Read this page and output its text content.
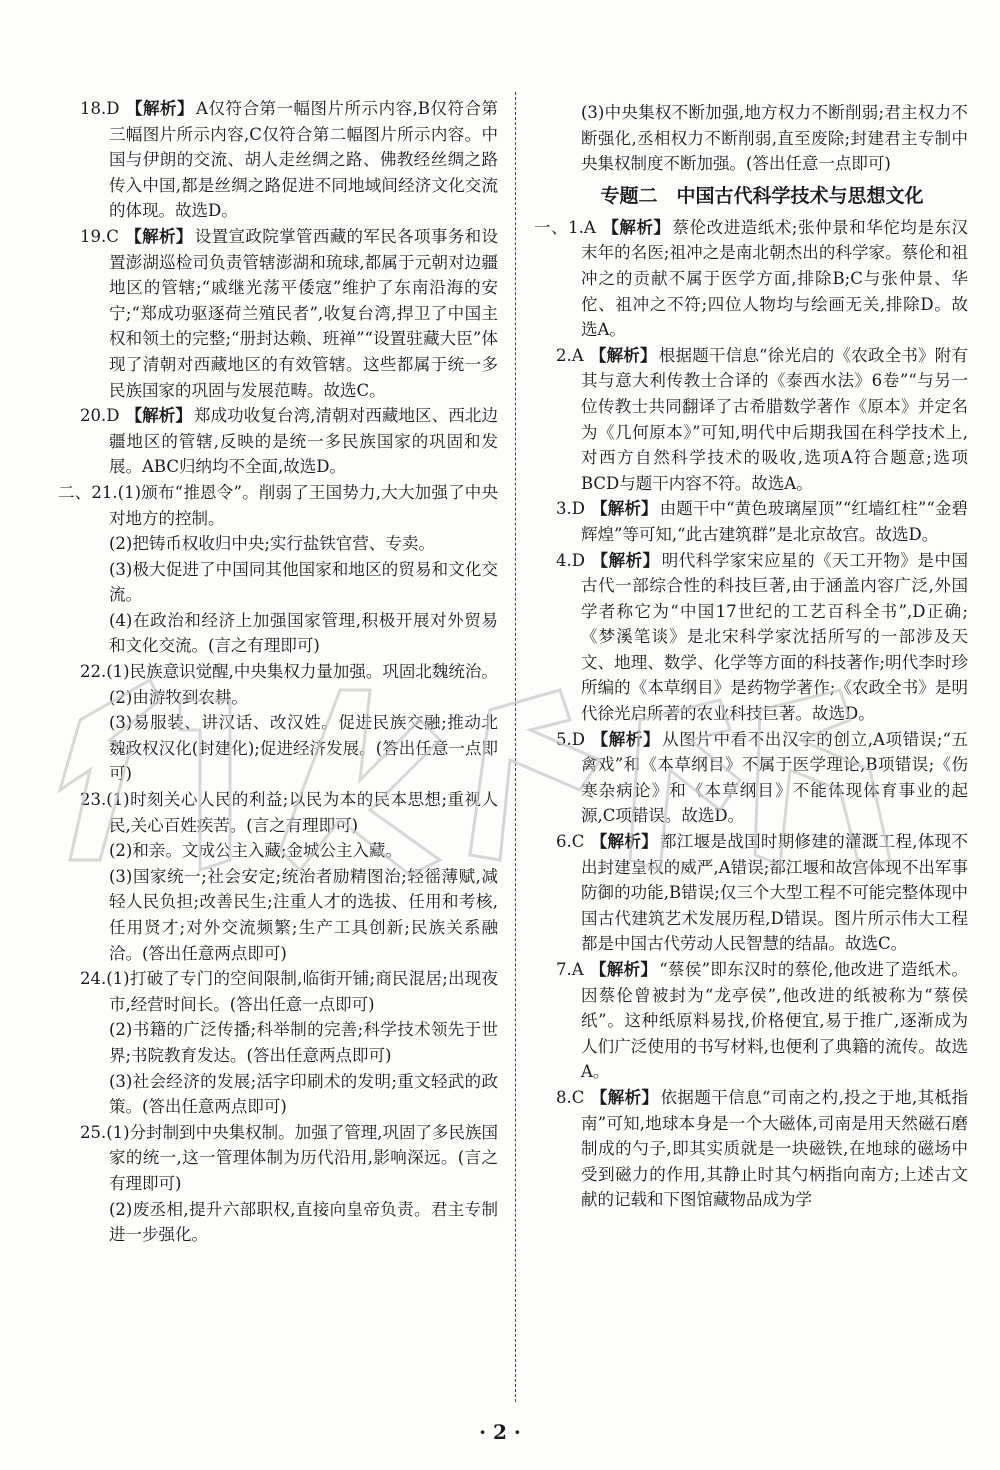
18.D 【解析】 A仅符合第一幅图片所示内容,B仅符合第三幅图片所示内容,C仅符合第二幅图片所示内容。中国与伊朗的交流、胡人走丝绸之路、佛教经丝绸之路传入中国,都是丝绸之路促进不同地域间经济文化交流的体现。故选D。

19.C 【解析】 设置宣政院掌管西藏的军民各项事务和设置澎湖巡检司负责管辖澎湖和琉球,都属于元朝对边疆地区的管辖;“戚继光荡平倭寇”维护了东南沿海的安宁;“郑成功驱逐荷兰殖民者”,收复台湾,捍卫了中国主权和领土的完整;“册封达赖、班禅”“设置驻藏大臣”体现了清朝对西藏地区的有效管辖。这些都属于统一多民族国家的巩固与发展范畴。故选C。

20.D 【解析】 郑成功收复台湾,清朝对西藏地区、西北边疆地区的管辖,反映的是统一多民族国家的巩固和发展。ABC归纳均不全面,故选D。

二、21.(1)颁布“推恩令”。削弱了王国势力,大大加强了中央对地方的控制。

(2)把铸币权收归中央;实行盐铁官营、专卖。

(3)极大促进了中国同其他国家和地区的贸易和文化交流。

(4)在政治和经济上加强国家管理,积极开展对外贸易和文化交流。(言之有理即可)

22.(1)民族意识觉醒,中央集权力量加强。巩固北魏统治。

(2)由游牧到农耕。

(3)易服装、讲汉话、改汉姓。促进民族交融;推动北魏政权汉化(封建化);促进经济发展。(答出任意一点即可)

23.(1)时刻关心人民的利益;以民为本的民本思想;重视人民,关心百姓疾苦。(言之有理即可)

(2)和亲。文成公主入藏;金城公主入藏。

(3)国家统一;社会安定;统治者励精图治;轻徭薄赋,减轻人民负担;改善民生;注重人才的选拔、任用和考核,任用贤才;对外交流频繁;生产工具创新;民族关系融洽。(答出任意两点即可)

24.(1)打破了专门的空间限制,临街开铺;商民混居;出现夜市,经营时间长。(答出任意一点即可)

(2)书籍的广泛传播;科举制的完善;科学技术领先于世界;书院教育发达。(答出任意两点即可)

(3)社会经济的发展;活字印刷术的发明;重文轻武的政策。(答出任意两点即可)

25.(1)分封制到中央集权制。加强了管理,巩固了多民族国家的统一,这一管理体制为历代沿用,影响深远。(言之有理即可)

(2)废丞相,提升六部职权,直接向皇帝负责。君主专制进一步强化。

(3)中央集权不断加强,地方权力不断削弱;君主权力不断强化,丞相权力不断削弱,直至废除;封建君主专制中央集权制度不断加强。(答出任意一点即可)

专题二　中国古代科学技术与思想文化

一、1.A 【解析】 蔡伦改进造纸术;张仲景和华佗均是东汉末年的名医;祖冲之是南北朝杰出的科学家。蔡伦和祖冲之的贡献不属于医学方面,排除B;C与张仲景、华佗、祖冲之不符;四位人物均与绘画无关,排除D。故选A。

2.A 【解析】 根据题干信息“徐光启的《农政全书》附有其与意大利传教士合译的《泰西水法》6卷”“与另一位传教士共同翻译了古希腊数学著作《原本》并定名为《几何原本》”可知,明代中后期我国在科学技术上,对西方自然科学技术的吸收,选项A符合题意;选项BCD与题干内容不符。故选A。

3.D 【解析】 由题干中“黄色玻璃屋顶”“红墙红柱”“金碧辉煌”等可知,“此古建筑群”是北京故宫。故选D。

4.D 【解析】 明代科学家宋应星的《天工开物》是中国古代一部综合性的科技巨著,由于涵盖内容广泛,外国学者称它为“中国17世纪的工艺百科全书”,D正确;《梦溪笔谈》是北宋科学家沈括所写的一部涉及天文、地理、数学、化学等方面的科技著作;明代李时珍所编的《本草纲目》是药物学著作;《农政全书》是明代徐光启所著的农业科技巨著。故选D。

5.D 【解析】 从图片中看不出汉字的创立,A项错误;“五禽戏”和《本草纲目》不属于医学理论,B项错误;《伤寒杂病论》和《本草纲目》不能体现体育事业的起源,C项错误。故选D。

6.C 【解析】 都江堰是战国时期修建的灌溉工程,体现不出封建皇权的威严,A错误;都江堰和故宫体现不出军事防御的功能,B错误;仅三个大型工程不可能完整体现中国古代建筑艺术发展历程,D错误。图片所示伟大工程都是中国古代劳动人民智慧的结晶。故选C。

7.A 【解析】 “蔡侯”即东汉时的蔡伦,他改进了造纸术。因蔡伦曾被封为“龙亭侯”,他改进的纸被称为“蔡侯纸”。这种纸原料易找,价格便宜,易于推广,逐渐成为人们广泛使用的书写材料,也便利了典籍的流传。故选A。

8.C 【解析】 依据题干信息“司南之杓,投之于地,其柢指南”可知,地球本身是一个大磁体,司南是用天然磁石磨制成的勺子,即其实质就是一块磁铁,在地球的磁场中受到磁力的作用,其静止时其勺柄指向南方;上述古文献的记载和下图馆藏物品成为学

· 2 ·
